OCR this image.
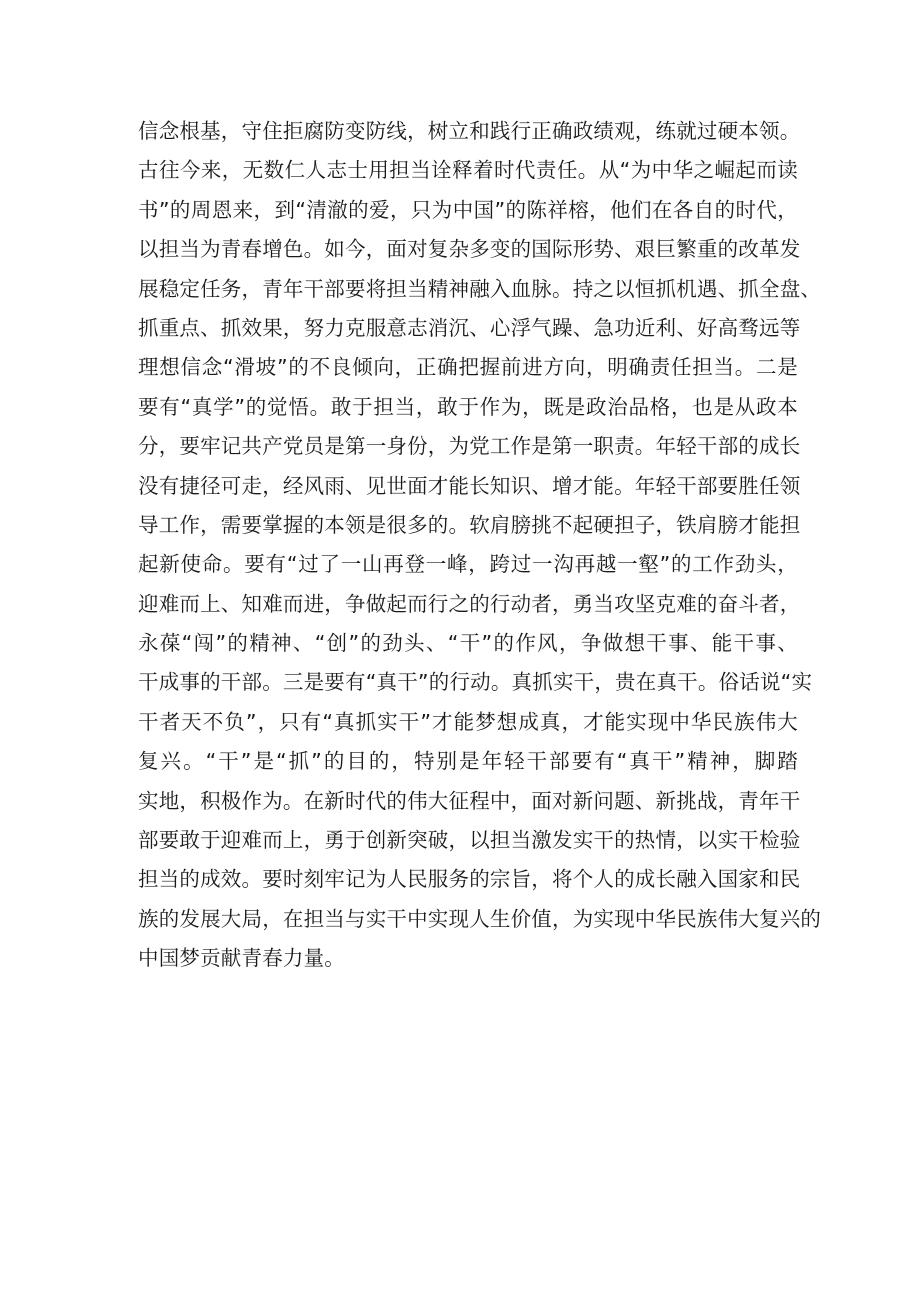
信念根基，守住拒腐防变防线，树立和践行正确政绩观，练就过硬本领。
古往今来，无数仁人志士用担当诠释着时代责任。从“为中华之崛起而读
书”的周恩来，到“清澈的爱，只为中国”的陈祥榕，他们在各自的时代，
以担当为青春增色。如今，面对复杂多变的国际形势、艰巨繁重的改革发
展稳定任务，青年干部要将担当精神融入血脉。持之以恒抓机遇、抓全盘、
抓重点、抓效果，努力克服意志消沉、心浮气躁、急功近利、好高骛远等
理想信念“滑坡”的不良倾向，正确把握前进方向，明确责任担当。二是
要有“真学”的觉悟。敢于担当，敢于作为，既是政治品格，也是从政本
分，要牢记共产党员是第一身份，为党工作是第一职责。年轻干部的成长
没有捷径可走，经风雨、见世面才能长知识、增才能。年轻干部要胜任领
导工作，需要掌握的本领是很多的。软肩膀挑不起硬担子，铁肩膀才能担
起新使命。要有“过了一山再登一峰，跨过一沟再越一壑”的工作劲头，
迎难而上、知难而进，争做起而行之的行动者，勇当攻坚克难的奋斗者，
永葆“闯”的精神、“创”的劲头、“干”的作风，争做想干事、能干事、
干成事的干部。三是要有“真干”的行动。真抓实干，贵在真干。俗话说“实
干者天不负”，只有“真抓实干”才能梦想成真，才能实现中华民族伟大
复兴。“干”是“抓”的目的，特别是年轻干部要有“真干”精神，脚踏
实地，积极作为。在新时代的伟大征程中，面对新问题、新挑战，青年干
部要敢于迎难而上，勇于创新突破，以担当激发实干的热情，以实干检验
担当的成效。要时刻牢记为人民服务的宗旨，将个人的成长融入国家和民
族的发展大局，在担当与实干中实现人生价值，为实现中华民族伟大复兴的
中国梦贡献青春力量。
